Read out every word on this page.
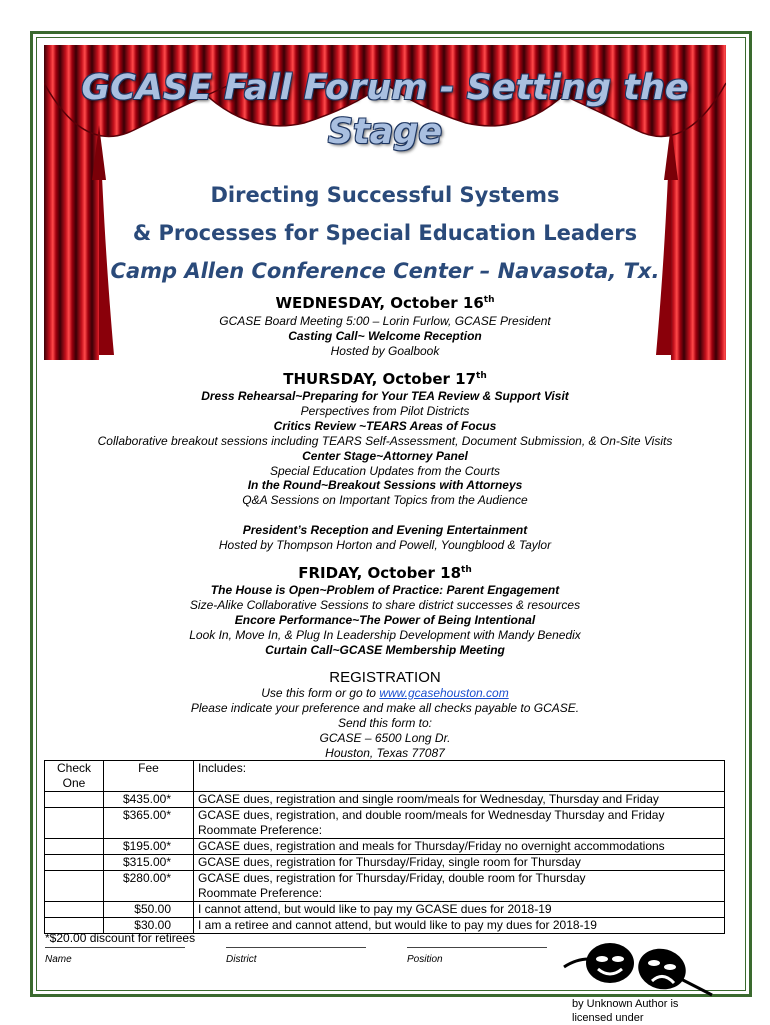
GCASE Fall Forum - Setting the
Stage
Directing Successful Systems
& Processes for Special Education Leaders
Camp Allen Conference Center – Navasota, Tx.
WEDNESDAY, October 16th
GCASE Board Meeting 5:00 – Lorin Furlow, GCASE President
Casting Call~ Welcome Reception
Hosted by Goalbook
THURSDAY, October 17th
Dress Rehearsal~Preparing for Your TEA Review & Support Visit
Perspectives from Pilot Districts
Critics Review ~TEARS Areas of Focus
Collaborative breakout sessions including TEARS Self-Assessment, Document Submission, & On-Site Visits
Center Stage~Attorney Panel
Special Education Updates from the Courts
In the Round~Breakout Sessions with Attorneys
Q&A Sessions on Important Topics from the Audience
President’s Reception and Evening Entertainment
Hosted by Thompson Horton and Powell, Youngblood & Taylor
FRIDAY, October 18th
The House is Open~Problem of Practice: Parent Engagement
Size-Alike Collaborative Sessions to share district successes & resources
Encore Performance~The Power of Being Intentional
Look In, Move In, & Plug In Leadership Development with Mandy Benedix
Curtain Call~GCASE Membership Meeting
REGISTRATION
Use this form or go to www.gcasehouston.com
Please indicate your preference and make all checks payable to GCASE.
Send this form to:
GCASE – 6500 Long Dr.
Houston, Texas 77087
Check One	Fee	Includes:
	$435.00*	GCASE dues, registration and single room/meals for Wednesday, Thursday and Friday

	$365.00*	GCASE dues, registration, and double room/meals for Wednesday Thursday and Friday
Roommate Preference:

	$195.00*	GCASE dues, registration and meals for Thursday/Friday no overnight accommodations

	$315.00*	GCASE dues, registration for Thursday/Friday, single room for Thursday

	$280.00*	GCASE dues, registration for Thursday/Friday, double room for Thursday
Roommate Preference:

	$50.00	I cannot attend, but would like to pay my GCASE dues for 2018-19

	$30.00	I am a retiree and cannot attend, but would like to pay my dues for 2018-19
*$20.00 discount for retirees
Name	District	Position
by Unknown Author is
licensed under
